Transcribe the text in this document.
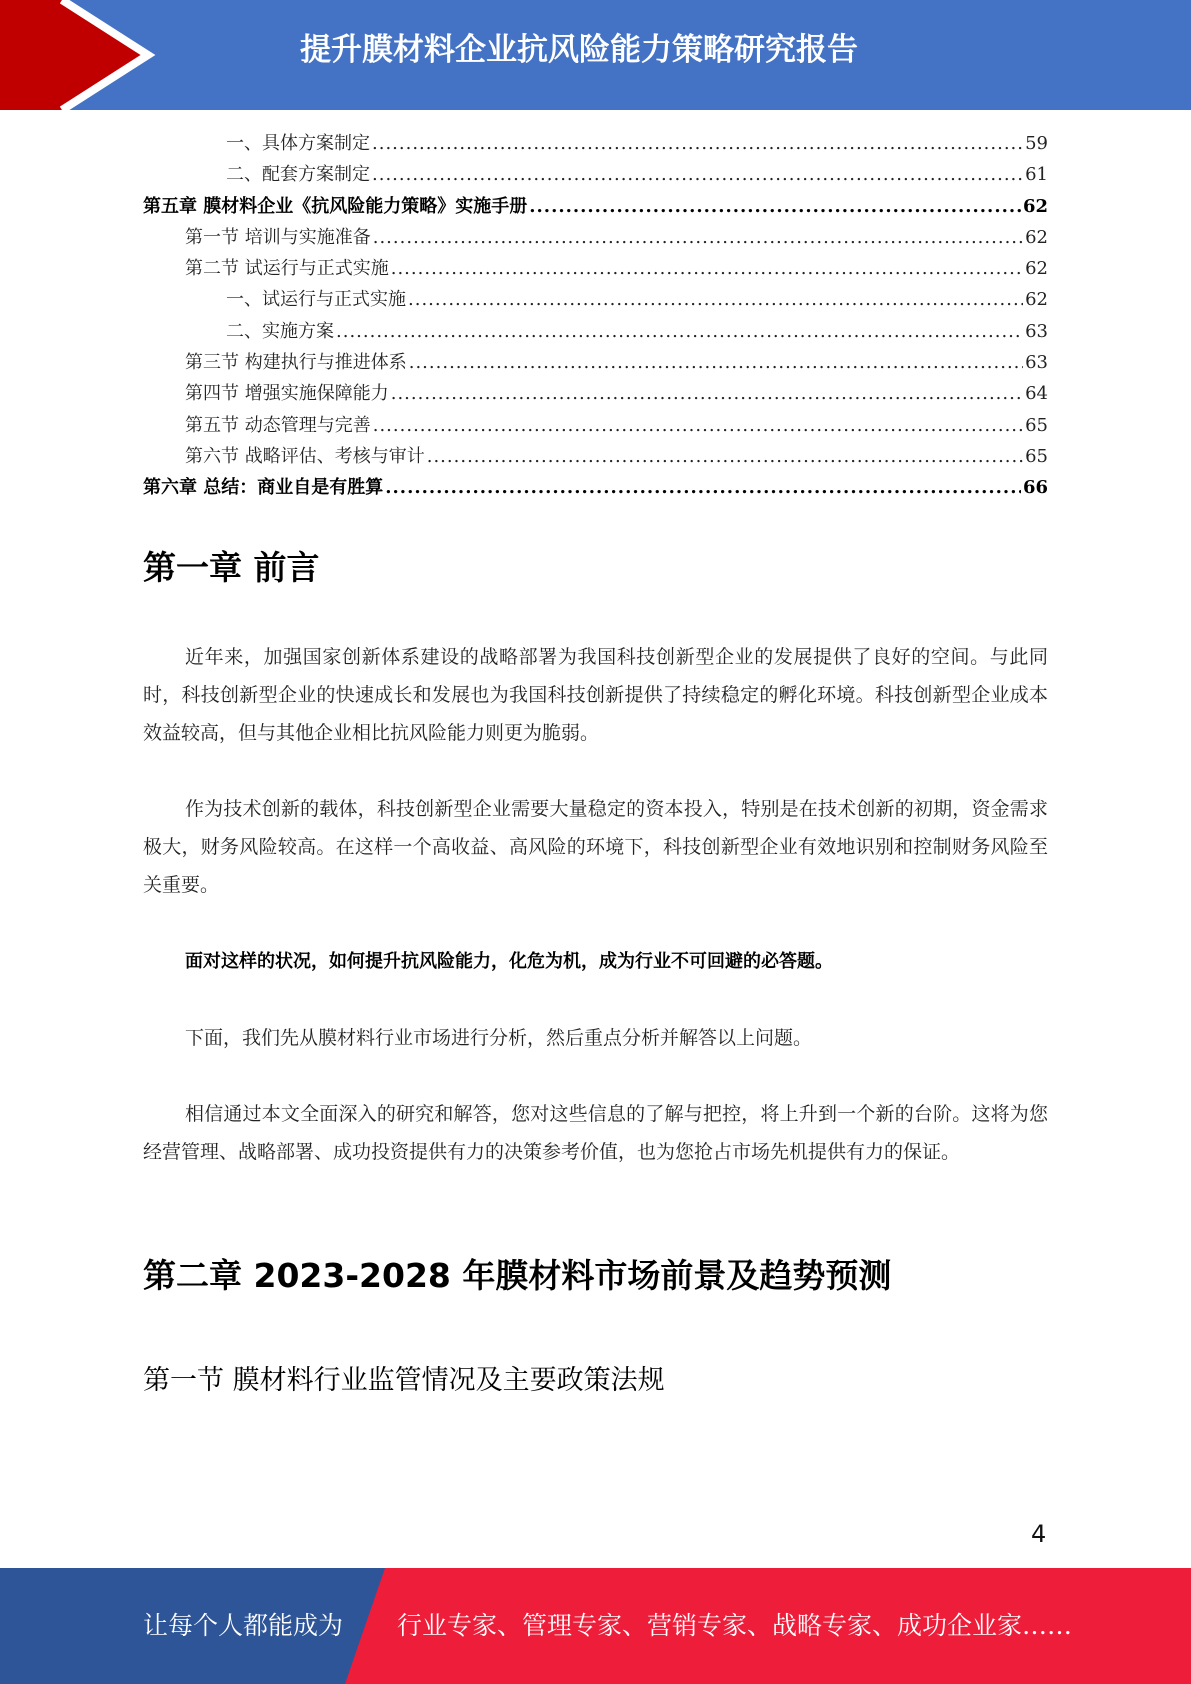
提升膜材料企业抗风险能力策略研究报告
一、具体方案制定 .....	59
二、配套方案制定 .....	61
第五章 膜材料企业《抗风险能力策略》实施手册 .....	62
第一节 培训与实施准备 .....	62
第二节 试运行与正式实施 .....	62
一、试运行与正式实施 .....	62
二、实施方案 .....	63
第三节 构建执行与推进体系 .....	63
第四节 增强实施保障能力 .....	64
第五节 动态管理与完善 .....	65
第六节 战略评估、考核与审计 .....	65
第六章 总结：商业自是有胜算 .....	66
第一章 前言

近年来，加强国家创新体系建设的战略部署为我国科技创新型企业的发展提供了良好的空间。与此同时，科技创新型企业的快速成长和发展也为我国科技创新提供了持续稳定的孵化环境。科技创新型企业成本效益较高，但与其他企业相比抗风险能力则更为脆弱。

作为技术创新的载体，科技创新型企业需要大量稳定的资本投入，特别是在技术创新的初期，资金需求极大，财务风险较高。在这样一个高收益、高风险的环境下，科技创新型企业有效地识别和控制财务风险至关重要。

面对这样的状况，如何提升抗风险能力，化危为机，成为行业不可回避的必答题。

下面，我们先从膜材料行业市场进行分析，然后重点分析并解答以上问题。

相信通过本文全面深入的研究和解答，您对这些信息的了解与把控，将上升到一个新的台阶。这将为您经营管理、战略部署、成功投资提供有力的决策参考价值，也为您抢占市场先机提供有力的保证。

第二章 2023-2028 年膜材料市场前景及趋势预测
第一节 膜材料行业监管情况及主要政策法规
4
让每个人都能成为 行业专家、管理专家、营销专家、战略专家、成功企业家……
